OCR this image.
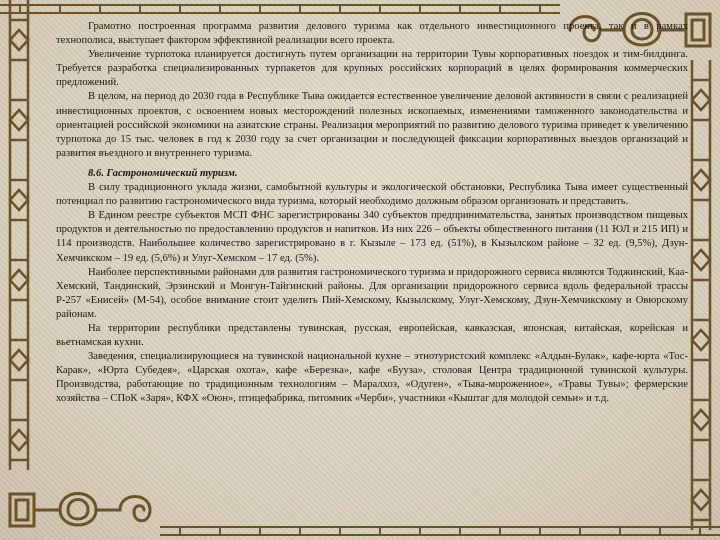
Грамотно построенная программа развития делового туризма как отдельного инвестиционного проекта, так и в рамках технополиса, выступает фактором эффективной реализации всего проекта.

Увеличение турпотока планируется достигнуть путем организации на территории Тувы корпоративных поездок и тим-билдинга. Требуется разработка специализированных турпакетов для крупных российских корпораций в целях формирования коммерческих предложений.

В целом, на период до 2030 года в Республике Тыва ожидается естественное увеличение деловой активности в связи с реализацией инвестиционных проектов, с освоением новых месторождений полезных ископаемых, изменениями таможенного законодательства и ориентацией российской экономики на азиатские страны. Реализация мероприятий по развитию делового туризма приведет к увеличению турпотока до 15 тыс. человек в год к 2030 году за счет организации и последующей фиксации корпоративных выездов организаций и развития въездного и внутреннего туризма.

8.6. Гастрономический туризм.

В силу традиционного уклада жизни, самобытной культуры и экологической обстановки, Республика Тыва имеет существенный потенциал по развитию гастрономического вида туризма, который необходимо должным образом организовать и представить.

В Едином реестре субъектов МСП ФНС зарегистрированы 340 субъектов предпринимательства, занятых производством пищевых продуктов и деятельностью по предоставлению продуктов и напитков. Из них 226 – объекты общественного питания (11 ЮЛ и 215 ИП) и 114 производств. Наибольшее количество зарегистрировано в г. Кызыле – 173 ед. (51%), в Кызылском районе – 32 ед. (9,5%), Дзун-Хемчикском – 19 ед. (5,6%) и Улуг-Хемском – 17 ед. (5%).

Наиболее перспективными районами для развития гастрономического туризма и придорожного сервиса являются Тоджинский, Каа-Хемский, Тандинский, Эрзинский и Монгун-Тайгинский районы. Для организации придорожного сервиса вдоль федеральной трассы Р-257 «Енисей» (М-54), особое внимание стоит уделить Пий-Хемскому, Кызылскому, Улуг-Хемскому, Дзун-Хемчикскому и Овюрскому районам.

На территории республики представлены тувинская, русская, европейская, кавказская, японская, китайская, корейская и вьетнамская кухни.

Заведения, специализирующиеся на тувинской национальной кухне – этнотуристский комплекс «Алдын-Булак», кафе-юрта «Тос-Карак», «Юрта Субедея», «Царская охота», кафе «Березка», кафе «Бууза», столовая Центра традиционной тувинской культуры. Производства, работающие по традиционным технологиям – Маралхоз, «Одуген», «Тыва-мороженное», «Травы Тувы»; фермерские хозяйства – СПоК «Заря», КФХ «Оюн», птицефабрика, питомник «Черби», участники «Кыштаг для молодой семьи» и т.д.
